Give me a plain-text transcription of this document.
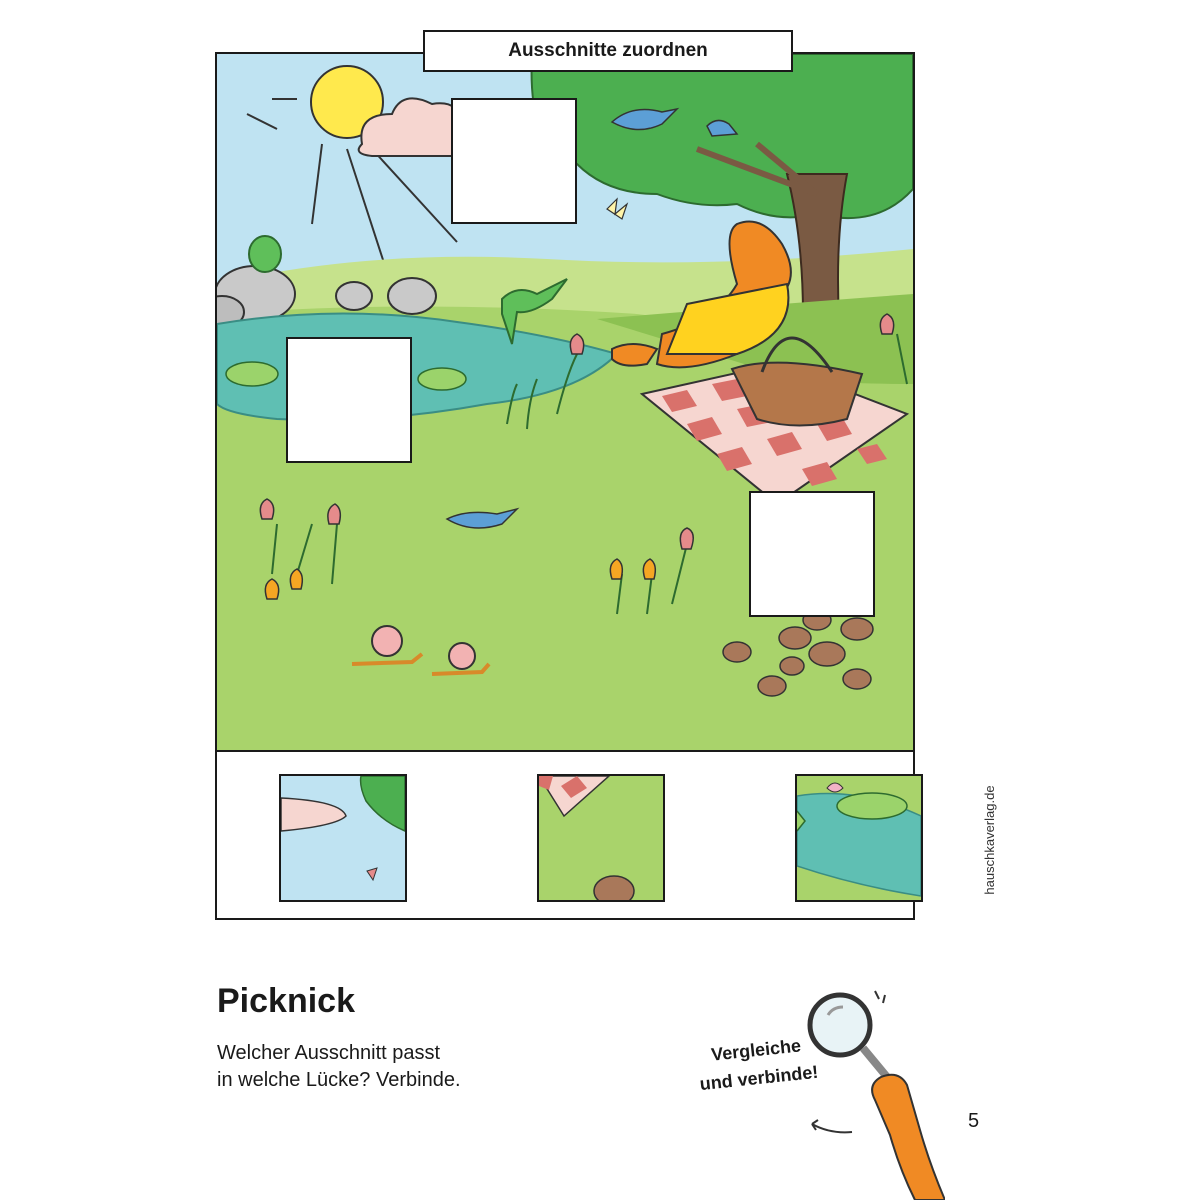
Ausschnitte zuordnen
hauschkaverlag.de
Picknick
Welcher Ausschnitt passt
in welche Lücke? Verbinde.
Vergleiche
und verbinde!
5
